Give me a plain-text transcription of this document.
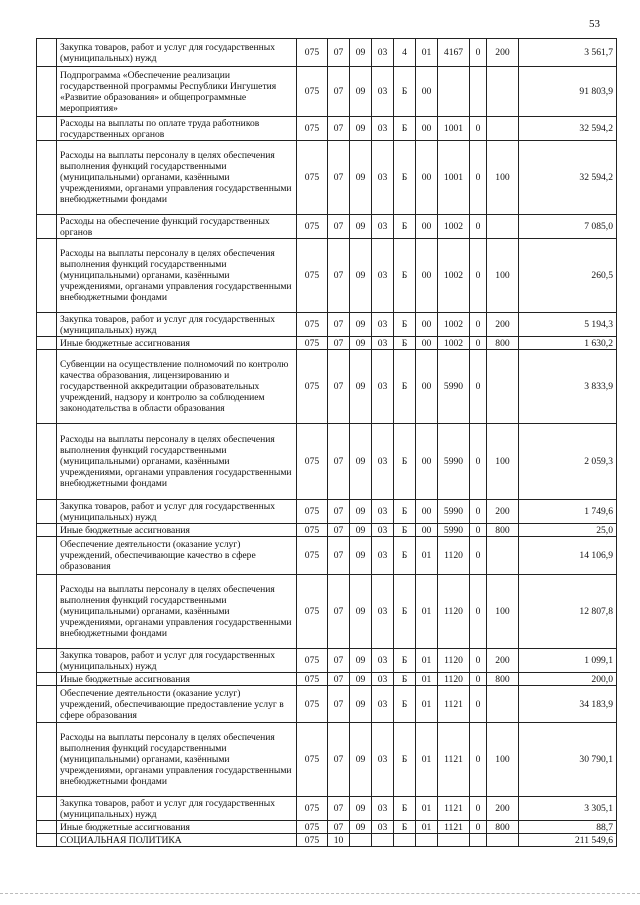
53
	Закупка товаров, работ и услуг для государственных (муниципальных) нужд	075	07	09	03	4	01	4167	0	200	3 561,7
	Подпрограмма «Обеспечение реализации государственной программы Республики Ингушетия «Развитие образования» и общепрограммные мероприятия»	075	07	09	03	Б	00				91 803,9
	Расходы на выплаты по оплате труда работников государственных органов	075	07	09	03	Б	00	1001	0		32 594,2
	Расходы на выплаты персоналу в целях обеспечения выполнения функций государственными (муниципальными) органами, казёнными учреждениями, органами управления государственными внебюджетными фондами	075	07	09	03	Б	00	1001	0	100	32 594,2
	Расходы на обеспечение функций государственных органов	075	07	09	03	Б	00	1002	0		7 085,0
	Расходы на выплаты персоналу в целях обеспечения выполнения функций государственными (муниципальными) органами, казёнными учреждениями, органами управления государственными внебюджетными фондами	075	07	09	03	Б	00	1002	0	100	260,5
	Закупка товаров, работ и услуг для государственных (муниципальных) нужд	075	07	09	03	Б	00	1002	0	200	5 194,3
	Иные бюджетные ассигнования	075	07	09	03	Б	00	1002	0	800	1 630,2
	Субвенции на осуществление полномочий по контролю качества образования, лицензированию и государственной аккредитации образовательных учреждений, надзору и контролю за соблюдением законодательства в области образования	075	07	09	03	Б	00	5990	0		3 833,9
	Расходы на выплаты персоналу в целях обеспечения выполнения функций государственными (муниципальными) органами, казёнными учреждениями, органами управления государственными внебюджетными фондами	075	07	09	03	Б	00	5990	0	100	2 059,3
	Закупка товаров, работ и услуг для государственных (муниципальных) нужд	075	07	09	03	Б	00	5990	0	200	1 749,6
	Иные бюджетные ассигнования	075	07	09	03	Б	00	5990	0	800	25,0
	Обеспечение деятельности (оказание услуг) учреждений, обеспечивающие качество в сфере образования	075	07	09	03	Б	01	1120	0		14 106,9
	Расходы на выплаты персоналу в целях обеспечения выполнения функций государственными (муниципальными) органами, казёнными учреждениями, органами управления государственными внебюджетными фондами	075	07	09	03	Б	01	1120	0	100	12 807,8
	Закупка товаров, работ и услуг для государственных (муниципальных) нужд	075	07	09	03	Б	01	1120	0	200	1 099,1
	Иные бюджетные ассигнования	075	07	09	03	Б	01	1120	0	800	200,0
	Обеспечение деятельности (оказание услуг) учреждений, обеспечивающие предоставление услуг в сфере образования	075	07	09	03	Б	01	1121	0		34 183,9
	Расходы на выплаты персоналу в целях обеспечения выполнения функций государственными (муниципальными) органами, казёнными учреждениями, органами управления государственными внебюджетными фондами	075	07	09	03	Б	01	1121	0	100	30 790,1
	Закупка товаров, работ и услуг для государственных (муниципальных) нужд	075	07	09	03	Б	01	1121	0	200	3 305,1
	Иные бюджетные ассигнования	075	07	09	03	Б	01	1121	0	800	88,7
	СОЦИАЛЬНАЯ ПОЛИТИКА	075	10								211 549,6
